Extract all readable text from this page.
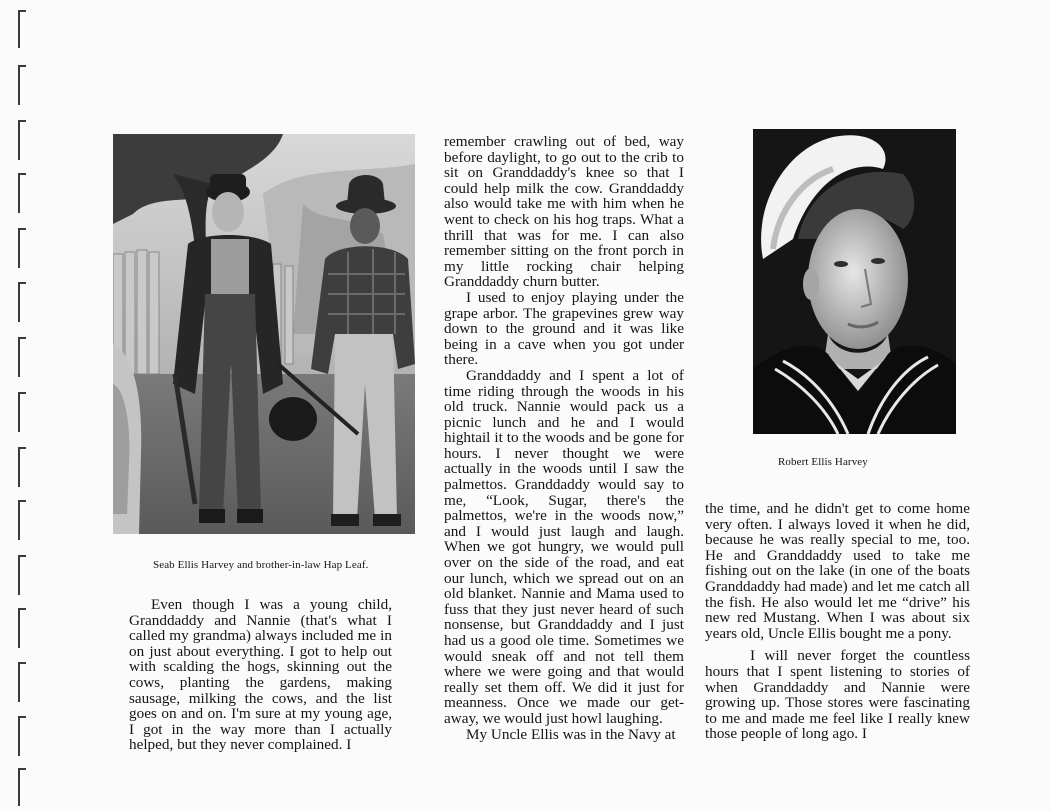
Seab Ellis Harvey and brother-in-law Hap Leaf.
Robert Ellis Harvey

Even though I was a young child, Granddaddy and Nannie (that's what I called my grandma) always included me in on just about everything. I got to help out with scalding the hogs, skinning out the cows, planting the gardens, making sausage, milking the cows, and the list goes on and on. I'm sure at my young age, I got in the way more than I actually helped, but they never complained. I

remember crawling out of bed, way before daylight, to go out to the crib to sit on Granddaddy's knee so that I could help milk the cow. Granddaddy also would take me with him when he went to check on his hog traps. What a thrill that was for me. I can also remember sitting on the front porch in my little rocking chair helping Granddaddy churn butter.

I used to enjoy playing under the grape arbor. The grapevines grew way down to the ground and it was like being in a cave when you got under there.

Granddaddy and I spent a lot of time riding through the woods in his old truck. Nannie would pack us a picnic lunch and he and I would hightail it to the woods and be gone for hours. I never thought we were actually in the woods until I saw the palmettos. Granddaddy would say to me, “Look, Sugar, there's the palmettos, we're in the woods now,” and I would just laugh and laugh. When we got hungry, we would pull over on the side of the road, and eat our lunch, which we spread out on an old blanket. Nannie and Mama used to fuss that they just never heard of such nonsense, but Granddaddy and I just had us a good ole time. Sometimes we would sneak off and not tell them where we were going and that would really set them off. We did it just for meanness. Once we made our get-away, we would just howl laughing.

My Uncle Ellis was in the Navy at

the time, and he didn't get to come home very often. I always loved it when he did, because he was really special to me, too. He and Granddaddy used to take me fishing out on the lake (in one of the boats Granddaddy had made) and let me catch all the fish. He also would let me “drive” his new red Mustang. When I was about six years old, Uncle Ellis bought me a pony.

I will never forget the countless hours that I spent listening to stories of when Granddaddy and Nannie were growing up. Those stores were fascinating to me and made me feel like I really knew those people of long ago. I
